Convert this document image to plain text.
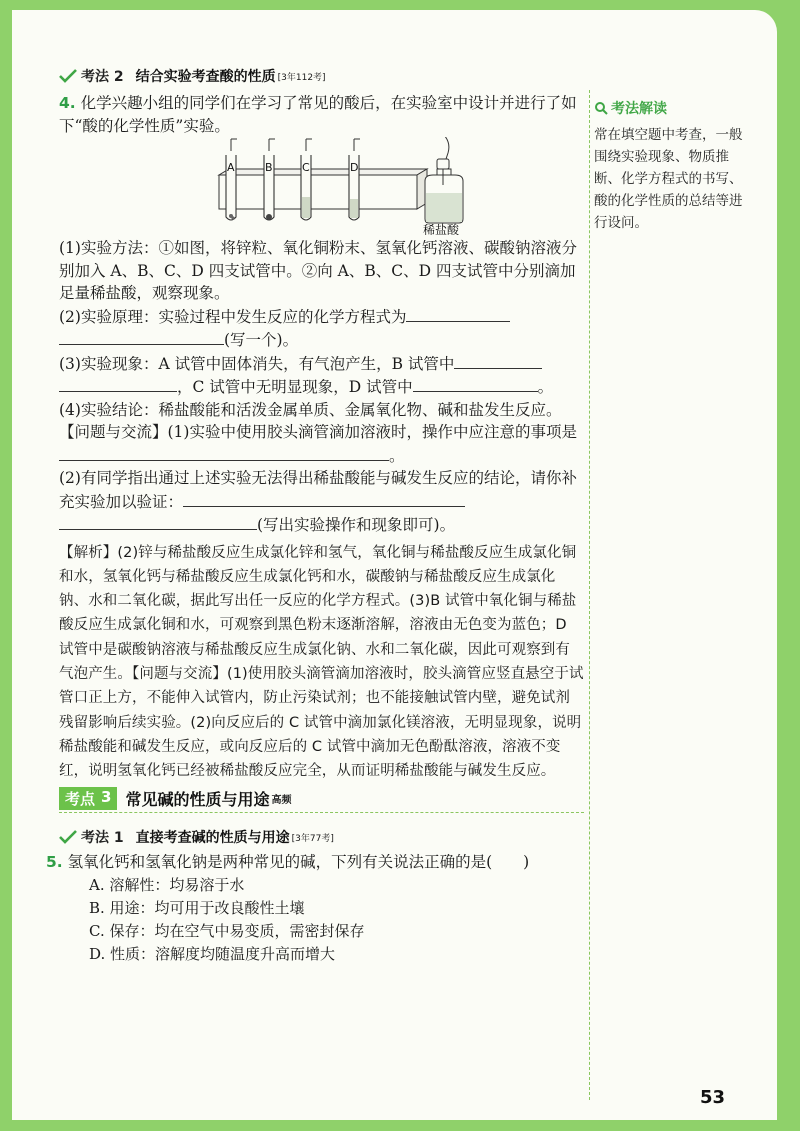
考法解读
常在填空题中考查，一般围绕实验现象、物质推断、化学方程式的书写、酸的化学性质的总结等进行设问。
考法 2 结合实验考查酸的性质 [3年112考]

4. 化学兴趣小组的同学们在学习了常见的酸后，在实验室中设计并进行了如下“酸的化学性质”实验。

A	B	C	D
稀盐酸

(1)实验方法：①如图，将锌粒、氧化铜粉末、氢氧化钙溶液、碳酸钠溶液分别加入 A、B、C、D 四支试管中。②向 A、B、C、D 四支试管中分别滴加足量稀盐酸，观察现象。

(2)实验原理：实验过程中发生反应的化学方程式为
(写一个)。

(3)实验现象：A 试管中固体消失，有气泡产生，B 试管中
，C 试管中无明显现象，D 试管中	。

(4)实验结论：稀盐酸能和活泼金属单质、金属氧化物、碱和盐发生反应。

【问题与交流】(1)实验中使用胶头滴管滴加溶液时，操作中应注意的事项是。

(2)有同学指出通过上述实验无法得出稀盐酸能与碱发生反应的结论，请你补充实验加以验证：
(写出实验操作和现象即可)。

【解析】(2)锌与稀盐酸反应生成氯化锌和氢气，氧化铜与稀盐酸反应生成氯化铜和水，氢氧化钙与稀盐酸反应生成氯化钙和水，碳酸钠与稀盐酸反应生成氯化钠、水和二氧化碳，据此写出任一反应的化学方程式。(3)B 试管中氧化铜与稀盐酸反应生成氯化铜和水，可观察到黑色粉末逐渐溶解，溶液由无色变为蓝色；D 试管中是碳酸钠溶液与稀盐酸反应生成氯化钠、水和二氧化碳，因此可观察到有气泡产生。【问题与交流】(1)使用胶头滴管滴加溶液时，胶头滴管应竖直悬空于试管口正上方，不能伸入试管内，防止污染试剂；也不能接触试管内壁，避免试剂残留影响后续实验。(2)向反应后的 C 试管中滴加氯化镁溶液，无明显现象，说明稀盐酸能和碱发生反应，或向反应后的 C 试管中滴加无色酚酞溶液，溶液不变红，说明氢氧化钙已经被稀盐酸反应完全，从而证明稀盐酸能与碱发生反应。

考点 3 常见碱的性质与用途 高频
考法 1 直接考查碱的性质与用途 [3年77考]

5. 氢氧化钙和氢氧化钠是两种常见的碱，下列有关说法正确的是(　　)

A. 溶解性：均易溶于水
B. 用途：均可用于改良酸性土壤
C. 保存：均在空气中易变质，需密封保存
D. 性质：溶解度均随温度升高而增大
53
